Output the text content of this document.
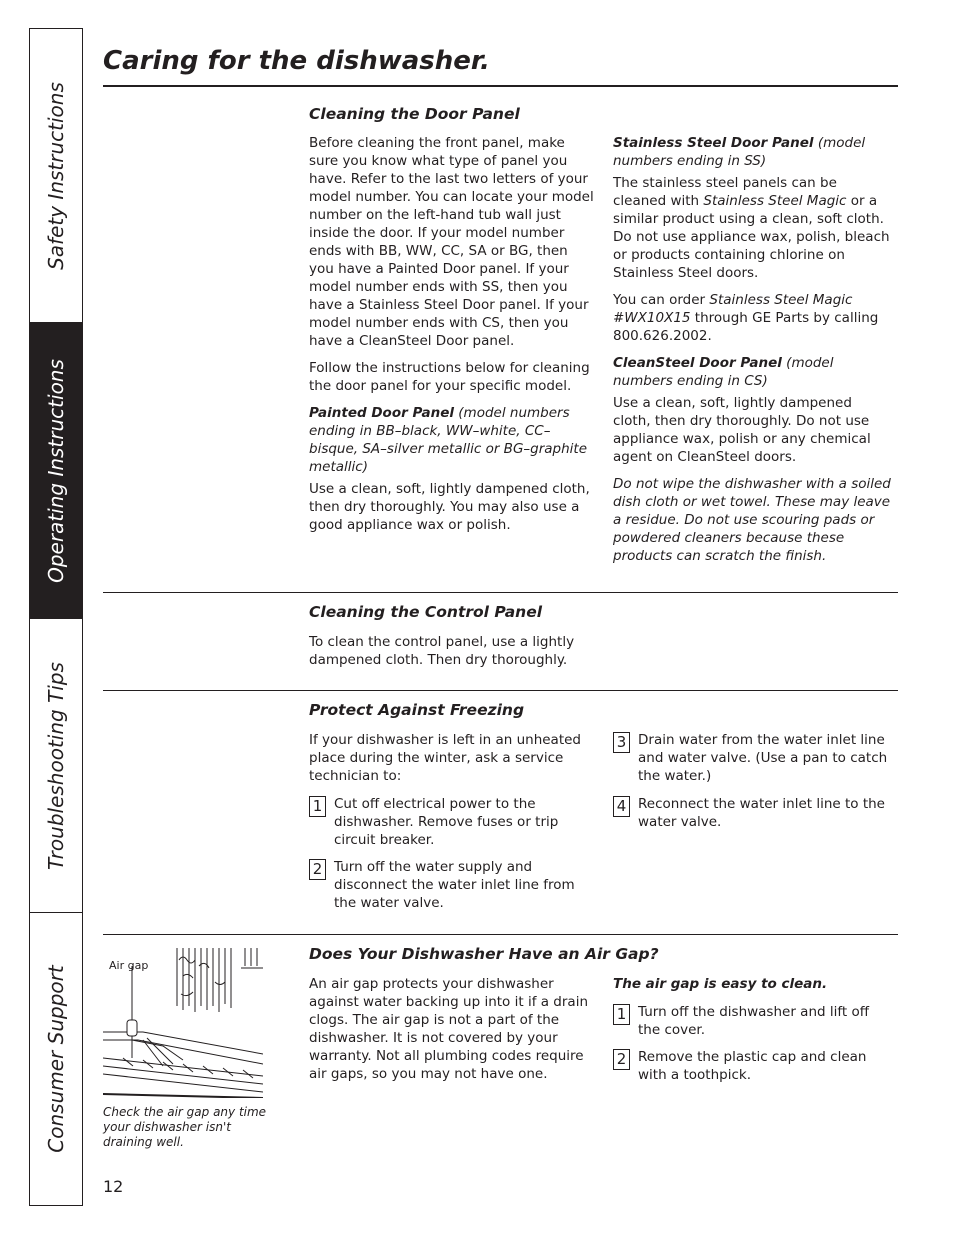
Safety Instructions
Operating Instructions
Troubleshooting Tips
Consumer Support
Caring for the dishwasher.
Cleaning the Door Panel

Before cleaning the front panel, make sure you know what type of panel you have. Refer to the last two letters of your model number. You can locate your model number on the left-hand tub wall just inside the door. If your model number ends with BB, WW, CC, SA or BG, then you have a Painted Door panel. If your model number ends with SS, then you have a Stainless Steel Door panel. If your model number ends with CS, then you have a CleanSteel Door panel.

Follow the instructions below for cleaning the door panel for your specific model.

Painted Door Panel (model numbers ending in BB–black, WW–white, CC–bisque, SA–silver metallic or BG–graphite metallic)

Use a clean, soft, lightly dampened cloth, then dry thoroughly. You may also use a good appliance wax or polish.

Stainless Steel Door Panel (model numbers ending in SS)

The stainless steel panels can be cleaned with Stainless Steel Magic or a similar product using a clean, soft cloth. Do not use appliance wax, polish, bleach or products containing chlorine on Stainless Steel doors.

You can order Stainless Steel Magic #WX10X15 through GE Parts by calling 800.626.2002.

CleanSteel Door Panel (model numbers ending in CS)

Use a clean, soft, lightly dampened cloth, then dry thoroughly. Do not use appliance wax, polish or any chemical agent on CleanSteel doors.

Do not wipe the dishwasher with a soiled dish cloth or wet towel. These may leave a residue. Do not use scouring pads or powdered cleaners because these products can scratch the finish.

Cleaning the Control Panel

To clean the control panel, use a lightly dampened cloth. Then dry thoroughly.

Protect Against Freezing

If your dishwasher is left in an unheated place during the winter, ask a service technician to:

1 Cut off electrical power to the dishwasher. Remove fuses or trip circuit breaker.
2 Turn off the water supply and disconnect the water inlet line from the water valve.
3 Drain water from the water inlet line and water valve. (Use a pan to catch the water.)
4 Reconnect the water inlet line to the water valve.
Air gap
Check the air gap any time your dishwasher isn't draining well.
Does Your Dishwasher Have an Air Gap?

An air gap protects your dishwasher against water backing up into it if a drain clogs. The air gap is not a part of the dishwasher. It is not covered by your warranty. Not all plumbing codes require air gaps, so you may not have one.

The air gap is easy to clean.

1 Turn off the dishwasher and lift off the cover.
2 Remove the plastic cap and clean with a toothpick.
12
